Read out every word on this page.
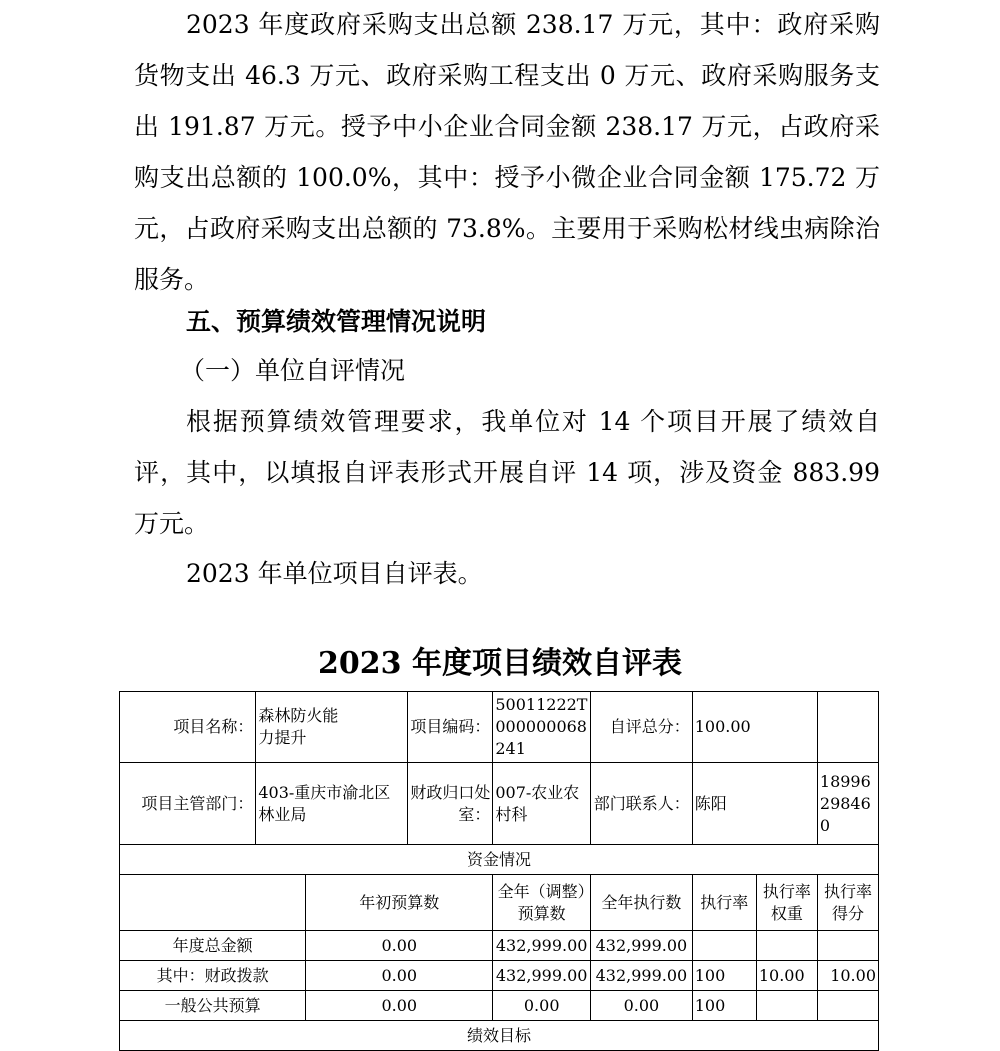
2023 年度政府采购支出总额 238.17 万元，其中：政府采购货物支出 46.3 万元、政府采购工程支出 0 万元、政府采购服务支出 191.87 万元。授予中小企业合同金额 238.17 万元，占政府采购支出总额的 100.0%，其中：授予小微企业合同金额 175.72 万元，占政府采购支出总额的 73.8%。主要用于采购松材线虫病除治服务。

五、预算绩效管理情况说明

（一）单位自评情况

根据预算绩效管理要求，我单位对 14 个项目开展了绩效自评，其中，以填报自评表形式开展自评 14 项，涉及资金 883.99 万元。

2023 年单位项目自评表。

2023 年度项目绩效自评表
项目名称：	森林防火能力提升		项目编码：	50011222T000000068241	自评总分：	100.00		
项目主管部门：	403-重庆市渝北区林业局		财政归口处室：	007-农业农村科	部门联系人：	陈阳		18996298460
资金情况								
		年初预算数		全年（调整）预算数	全年执行数	执行率	执行率权重	执行率得分
年度总金额		0.00		432,999.00	432,999.00			
其中：财政拨款		0.00		432,999.00	432,999.00	100	10.00	10.00
一般公共预算		0.00		0.00	0.00	100		
绩效目标								
